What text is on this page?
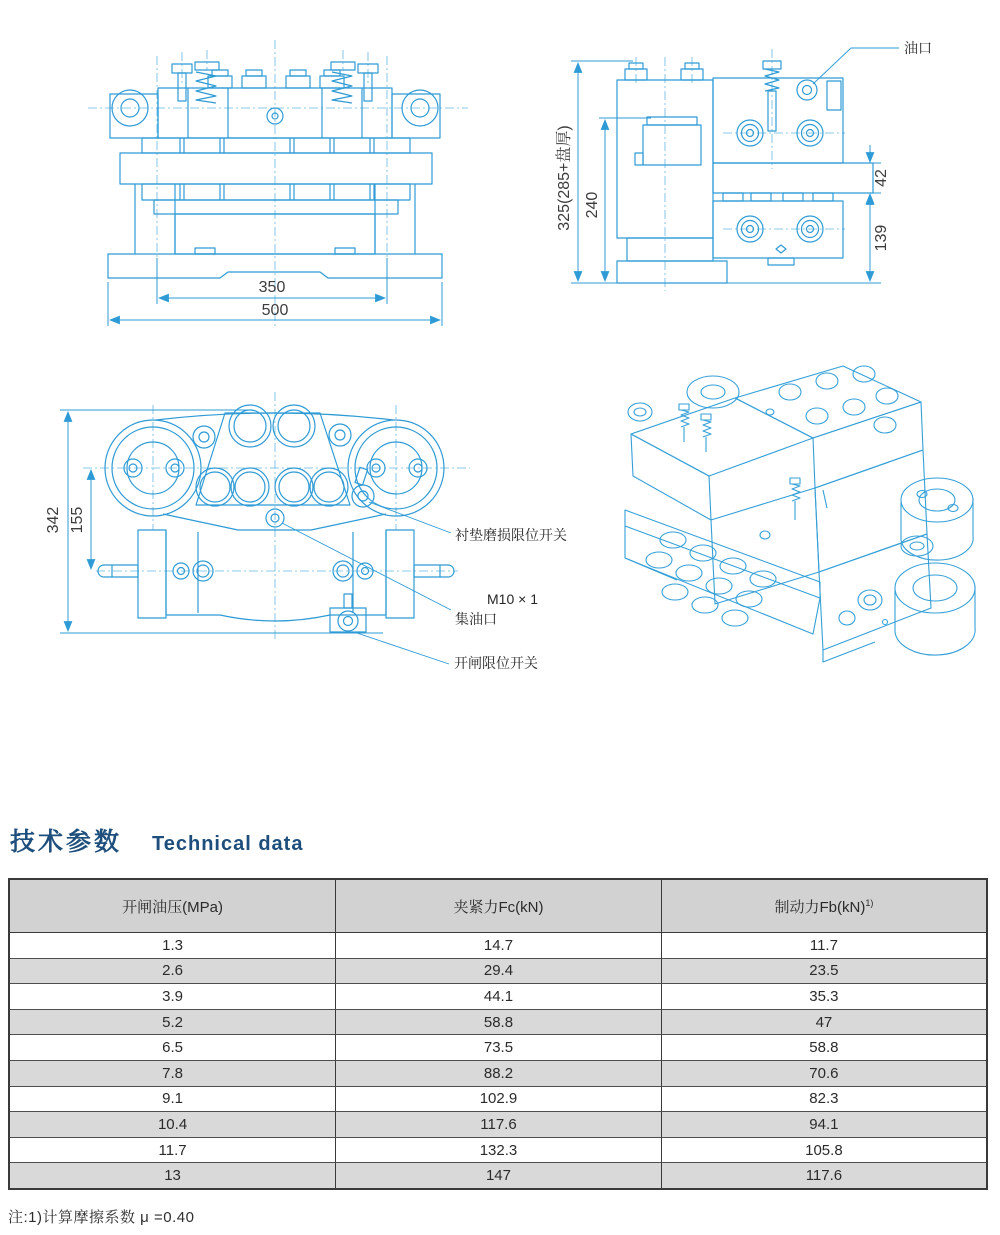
350
500
325(285+盘厚) 240
42
139
油口
342 155
衬垫磨损限位开关
M10 × 1
集油口
开闸限位开关
技术参数 Technical data
开闸油压(MPa)	夹紧力Fc(kN)	制动力Fb(kN)$^{1)}$
1.3	14.7	11.7
2.6	29.4	23.5
3.9	44.1	35.3
5.2	58.8	47
6.5	73.5	58.8
7.8	88.2	70.6
9.1	102.9	82.3
10.4	117.6	94.1
11.7	132.3	105.8
13	147	117.6
注:1)计算摩擦系数 μ =0.40
